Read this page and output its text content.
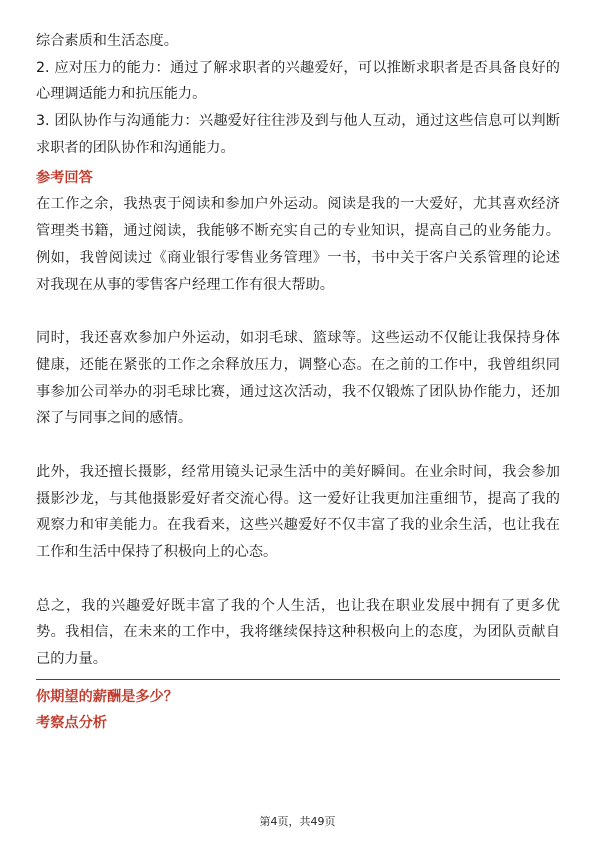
综合素质和生活态度。

2. 应对压力的能力：通过了解求职者的兴趣爱好，可以推断求职者是否具备良好的

心理调适能力和抗压能力。

3. 团队协作与沟通能力：兴趣爱好往往涉及到与他人互动，通过这些信息可以判断

求职者的团队协作和沟通能力。

参考回答

在工作之余，我热衷于阅读和参加户外运动。阅读是我的一大爱好，尤其喜欢经济

管理类书籍，通过阅读，我能够不断充实自己的专业知识，提高自己的业务能力。

例如，我曾阅读过《商业银行零售业务管理》一书，书中关于客户关系管理的论述

对我现在从事的零售客户经理工作有很大帮助。

同时，我还喜欢参加户外运动，如羽毛球、篮球等。这些运动不仅能让我保持身体

健康，还能在紧张的工作之余释放压力，调整心态。在之前的工作中，我曾组织同

事参加公司举办的羽毛球比赛，通过这次活动，我不仅锻炼了团队协作能力，还加

深了与同事之间的感情。

此外，我还擅长摄影，经常用镜头记录生活中的美好瞬间。在业余时间，我会参加

摄影沙龙，与其他摄影爱好者交流心得。这一爱好让我更加注重细节，提高了我的

观察力和审美能力。在我看来，这些兴趣爱好不仅丰富了我的业余生活，也让我在

工作和生活中保持了积极向上的心态。

总之，我的兴趣爱好既丰富了我的个人生活，也让我在职业发展中拥有了更多优

势。我相信，在未来的工作中，我将继续保持这种积极向上的态度，为团队贡献自

己的力量。

你期望的薪酬是多少？
考察点分析
第4页，共49页
